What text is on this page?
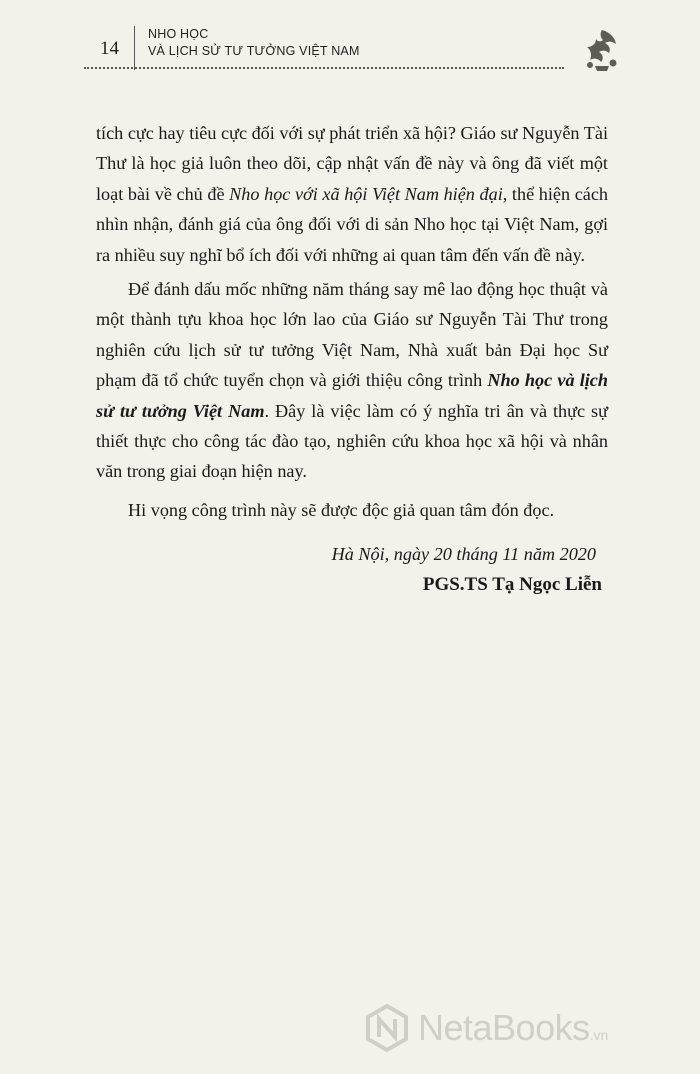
14
NHO HỌC
VÀ LỊCH SỬ TƯ TƯỞNG VIỆT NAM

tích cực hay tiêu cực đối với sự phát triển xã hội? Giáo sư Nguyễn Tài Thư là học giả luôn theo dõi, cập nhật vấn đề này và ông đã viết một loạt bài về chủ đề Nho học với xã hội Việt Nam hiện đại, thể hiện cách nhìn nhận, đánh giá của ông đối với di sản Nho học tại Việt Nam, gợi ra nhiều suy nghĩ bổ ích đối với những ai quan tâm đến vấn đề này.

Để đánh dấu mốc những năm tháng say mê lao động học thuật và một thành tựu khoa học lớn lao của Giáo sư Nguyễn Tài Thư trong nghiên cứu lịch sử tư tưởng Việt Nam, Nhà xuất bản Đại học Sư phạm đã tổ chức tuyển chọn và giới thiệu công trình Nho học và lịch sử tư tưởng Việt Nam. Đây là việc làm có ý nghĩa tri ân và thực sự thiết thực cho công tác đào tạo, nghiên cứu khoa học xã hội và nhân văn trong giai đoạn hiện nay.

Hi vọng công trình này sẽ được độc giả quan tâm đón đọc.

Hà Nội, ngày 20 tháng 11 năm 2020

PGS.TS Tạ Ngọc Liễn

NetaBooks.vn
